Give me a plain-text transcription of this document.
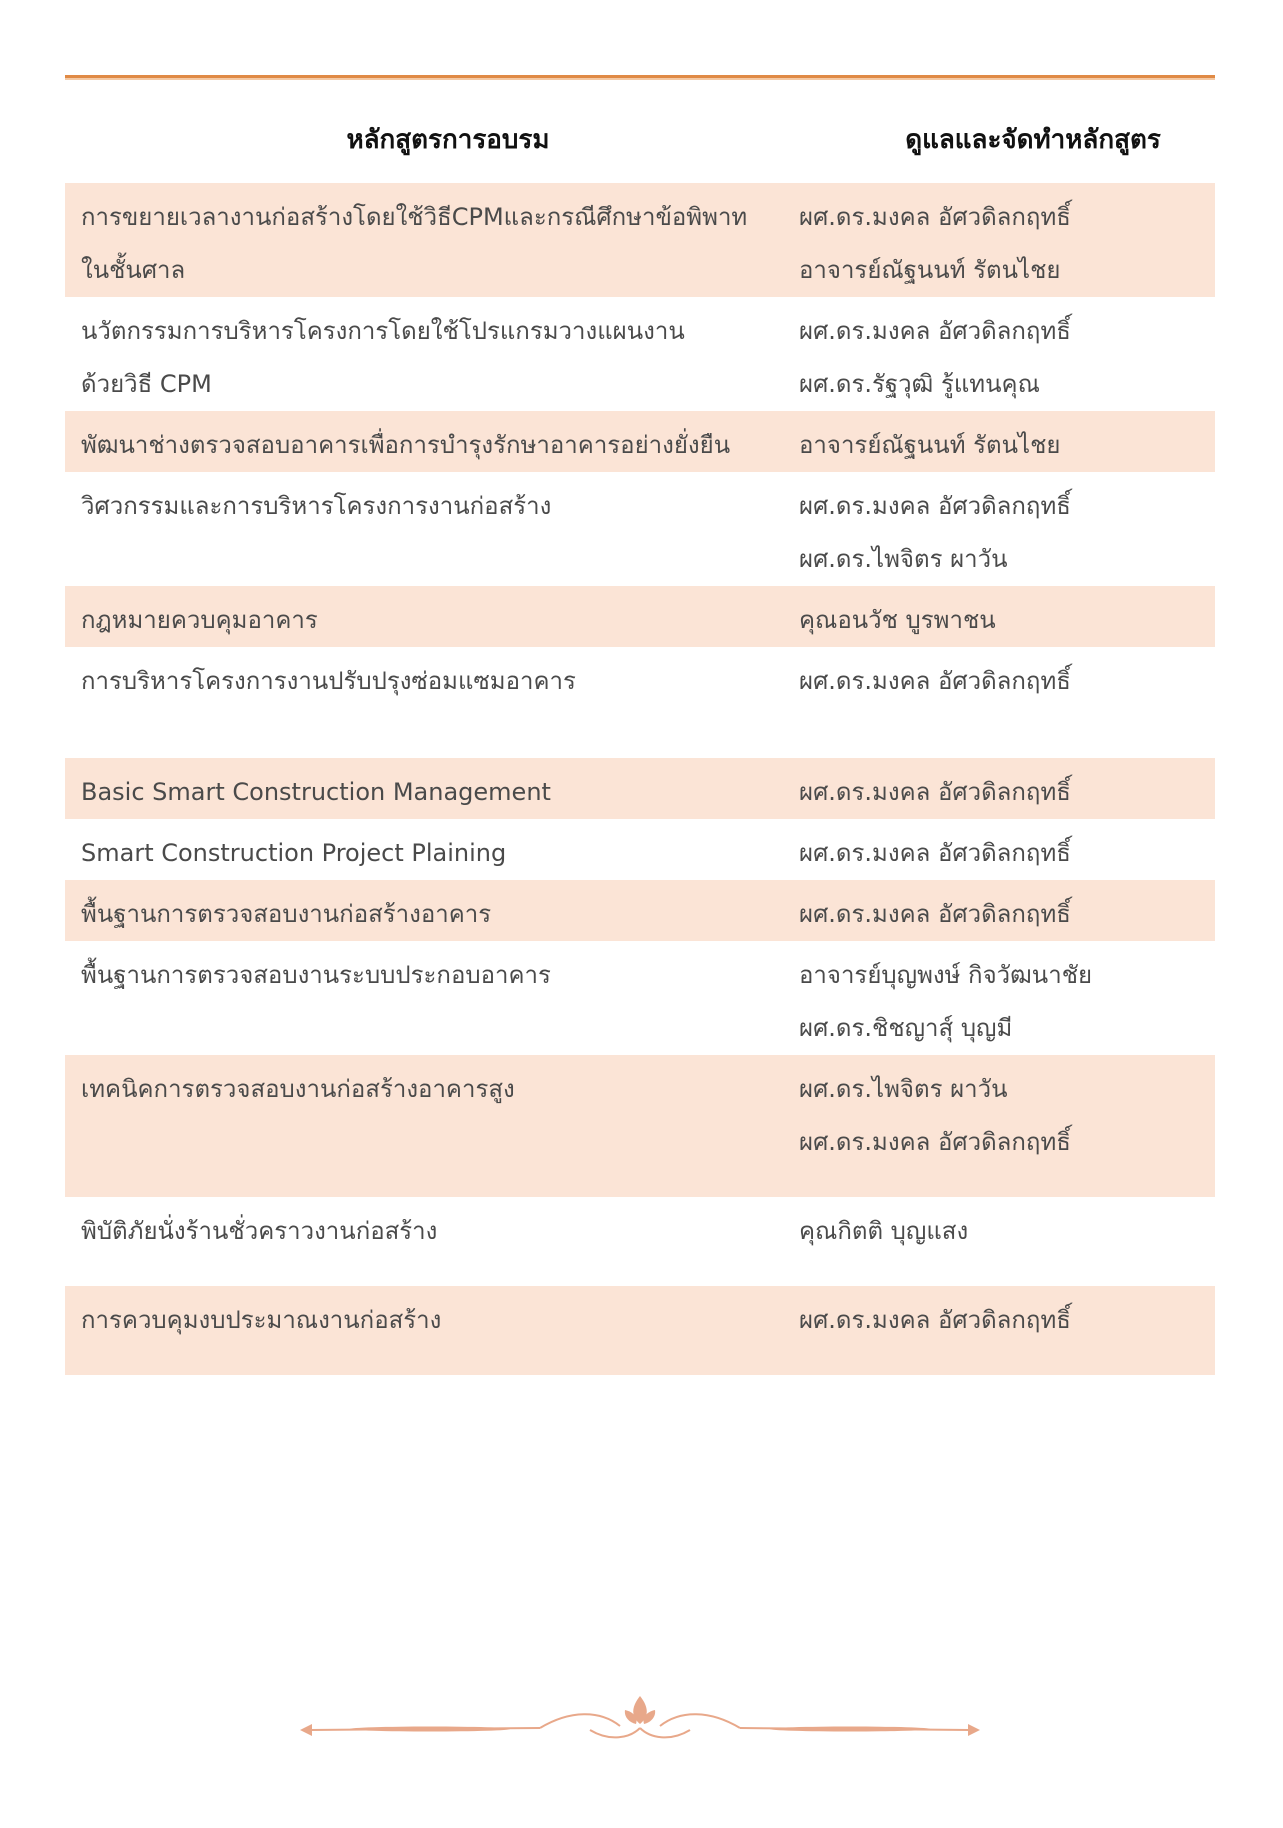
หลักสูตรการอบรม	ดูแลและจัดทำหลักสูตร

การขยายเวลางานก่อสร้างโดยใช้วิธีCPMและกรณีศึกษาข้อพิพาท
ในชั้นศาล	ผศ.ดร.มงคล อัศวดิลกฤทธิ์
อาจารย์ณัฐนนท์ รัตนไชย

นวัตกรรมการบริหารโครงการโดยใช้โปรแกรมวางแผนงาน
ด้วยวิธี CPM	ผศ.ดร.มงคล อัศวดิลกฤทธิ์
ผศ.ดร.รัฐวุฒิ รู้แทนคุณ

พัฒนาช่างตรวจสอบอาคารเพื่อการบำรุงรักษาอาคารอย่างยั่งยืน	อาจารย์ณัฐนนท์ รัตนไชย

วิศวกรรมและการบริหารโครงการงานก่อสร้าง	ผศ.ดร.มงคล อัศวดิลกฤทธิ์
ผศ.ดร.ไพจิตร ผาวัน

กฎหมายควบคุมอาคาร	คุณอนวัช บูรพาชน

การบริหารโครงการงานปรับปรุงซ่อมแซมอาคาร	ผศ.ดร.มงคล อัศวดิลกฤทธิ์

Basic Smart Construction Management	ผศ.ดร.มงคล อัศวดิลกฤทธิ์

Smart Construction Project Plaining	ผศ.ดร.มงคล อัศวดิลกฤทธิ์

พื้นฐานการตรวจสอบงานก่อสร้างอาคาร	ผศ.ดร.มงคล อัศวดิลกฤทธิ์

พื้นฐานการตรวจสอบงานระบบประกอบอาคาร	อาจารย์บุญพงษ์ กิจวัฒนาชัย
ผศ.ดร.ชิชญาสุ์ บุญมี

เทคนิคการตรวจสอบงานก่อสร้างอาคารสูง	ผศ.ดร.ไพจิตร ผาวัน
ผศ.ดร.มงคล อัศวดิลกฤทธิ์

พิบัติภัยนั่งร้านชั่วคราวงานก่อสร้าง	คุณกิตติ บุญแสง

การควบคุมงบประมาณงานก่อสร้าง	ผศ.ดร.มงคล อัศวดิลกฤทธิ์
